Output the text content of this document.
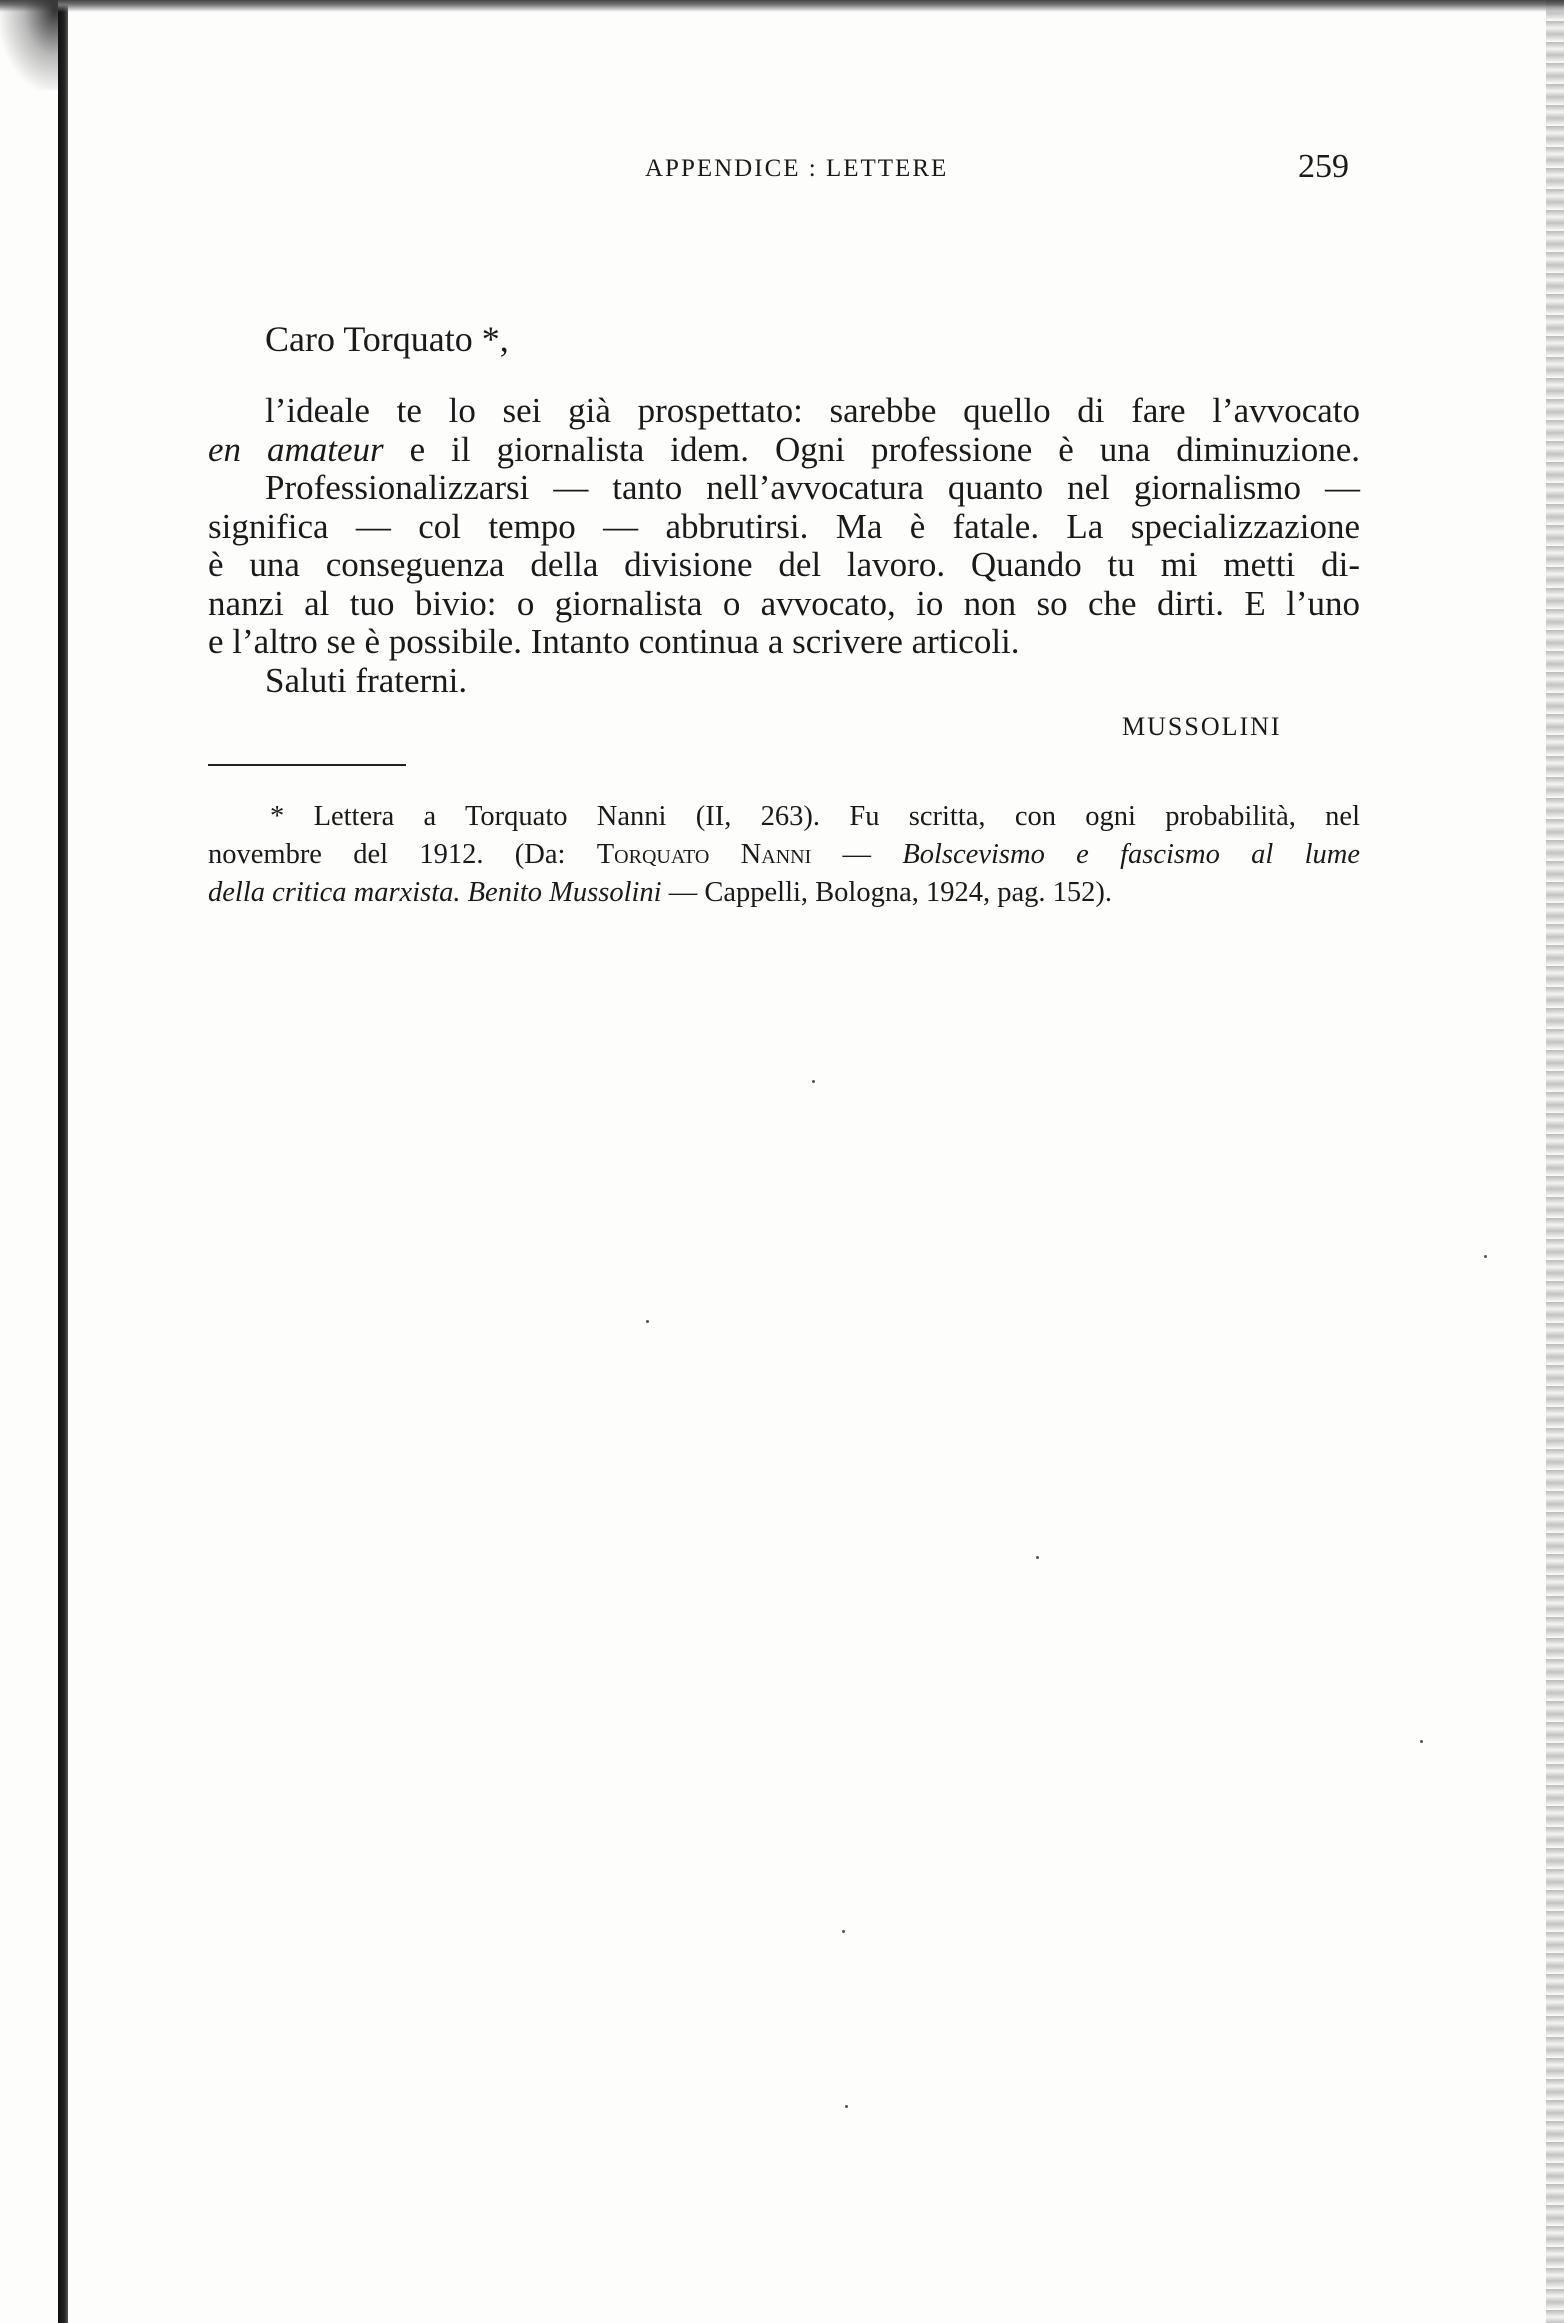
APPENDICE : LETTERE	259
Caro Torquato *,
l’ideale te lo sei già prospettato: sarebbe quello di fare l’avvocato
en amateur e il giornalista idem. Ogni professione è una diminuzione.
Professionalizzarsi — tanto nell’avvocatura quanto nel giornalismo —
significa — col tempo — abbrutirsi. Ma è fatale. La specializzazione
è una conseguenza della divisione del lavoro. Quando tu mi metti di-
nanzi al tuo bivio: o giornalista o avvocato, io non so che dirti. E l’uno
e l’altro se è possibile. Intanto continua a scrivere articoli.
Saluti fraterni.
MUSSOLINI
* Lettera a Torquato Nanni (II, 263). Fu scritta, con ogni probabilità, nel
novembre del 1912. (Da: Torquato Nanni — Bolscevismo e fascismo al lume
della critica marxista. Benito Mussolini — Cappelli, Bologna, 1924, pag. 152).
